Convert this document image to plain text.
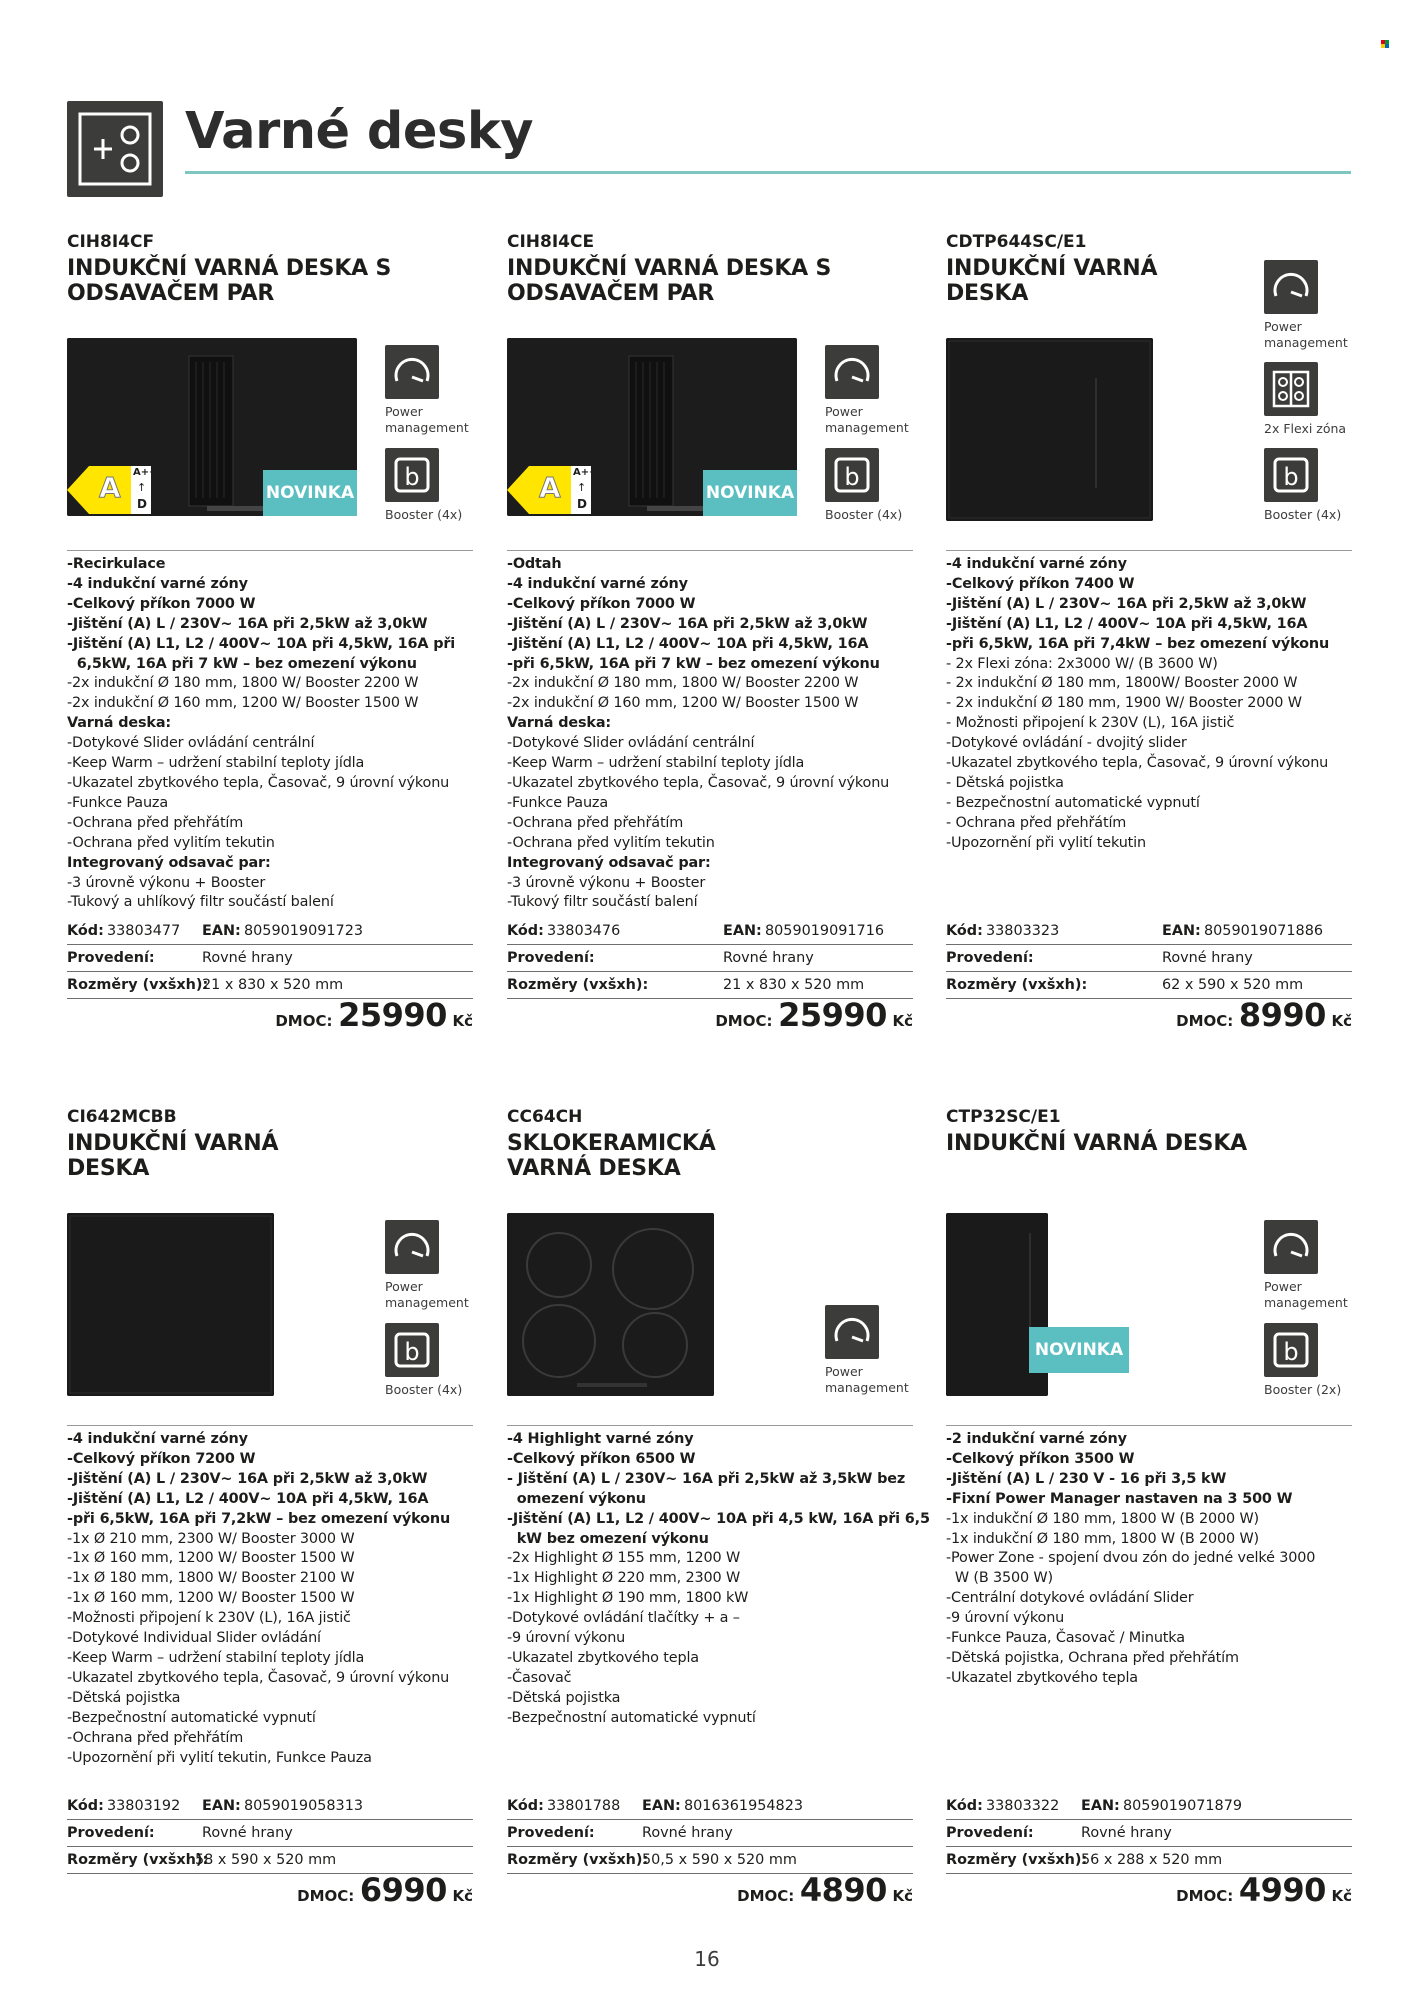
Varné desky
CIH8I4CF
INDUKČNÍ VARNÁ DESKA S ODSAVAČEM PAR
NOVINKA
A A+++
↑
D
Power management
b
Booster (4x)
-Recirkulace
-4 indukční varné zóny
-Celkový příkon 7000 W
-Jištění (A) L / 230V~ 16A při 2,5kW až 3,0kW
-Jištění (A) L1, L2 / 400V~ 10A při 4,5kW, 16A při
6,5kW, 16A při 7 kW – bez omezení výkonu
-2x indukční Ø 180 mm, 1800 W/ Booster 2200 W
-2x indukční Ø 160 mm, 1200 W/ Booster 1500 W
Varná deska:
-Dotykové Slider ovládání centrální
-Keep Warm – udržení stabilní teploty jídla
-Ukazatel zbytkového tepla, Časovač, 9 úrovní výkonu
-Funkce Pauza
-Ochrana před přehřátím
-Ochrana před vylitím tekutin
Integrovaný odsavač par:
-3 úrovně výkonu + Booster
-Tukový a uhlíkový filtr součástí balení
Kód: 33803477 EAN: 8059019091723
Provedení:	Rovné hrany
Rozměry (vxšxh):
21 x 830 x 520 mm
DMOC: 25990 Kč
CIH8I4CE
INDUKČNÍ VARNÁ DESKA S ODSAVAČEM PAR
NOVINKA
A A+++
↑
D
Power management
b
Booster (4x)
-Odtah
-4 indukční varné zóny
-Celkový příkon 7000 W
-Jištění (A) L / 230V~ 16A při 2,5kW až 3,0kW
-Jištění (A) L1, L2 / 400V~ 10A při 4,5kW, 16A
-při 6,5kW, 16A při 7 kW – bez omezení výkonu
-2x indukční Ø 180 mm, 1800 W/ Booster 2200 W
-2x indukční Ø 160 mm, 1200 W/ Booster 1500 W
Varná deska:
-Dotykové Slider ovládání centrální
-Keep Warm – udržení stabilní teploty jídla
-Ukazatel zbytkového tepla, Časovač, 9 úrovní výkonu
-Funkce Pauza
-Ochrana před přehřátím
-Ochrana před vylitím tekutin
Integrovaný odsavač par:
-3 úrovně výkonu + Booster
-Tukový filtr součástí balení
Kód: 33803476	EAN: 8059019091716
Provedení:	Rovné hrany
Rozměry (vxšxh):	21 x 830 x 520 mm
DMOC: 25990 Kč
CDTP644SC/E1
INDUKČNÍ VARNÁ DESKA
Power management
2x Flexi zóna
b
Booster (4x)
-4 indukční varné zóny
-Celkový příkon 7400 W
-Jištění (A) L / 230V~ 16A při 2,5kW až 3,0kW
-Jištění (A) L1, L2 / 400V~ 10A při 4,5kW, 16A
-při 6,5kW, 16A při 7,4kW – bez omezení výkonu
- 2x Flexi zóna: 2x3000 W/ (B 3600 W)
- 2x indukční Ø 180 mm, 1800W/ Booster 2000 W
- 2x indukční Ø 180 mm, 1900 W/ Booster 2000 W
- Možnosti připojení k 230V (L), 16A jistič
-Dotykové ovládání - dvojitý slider
-Ukazatel zbytkového tepla, Časovač, 9 úrovní výkonu
- Dětská pojistka
- Bezpečnostní automatické vypnutí
- Ochrana před přehřátím
-Upozornění při vylití tekutin
Kód: 33803323	EAN: 8059019071886
Provedení:	Rovné hrany
Rozměry (vxšxh):	62 x 590 x 520 mm
DMOC: 8990 Kč
CI642MCBB
INDUKČNÍ VARNÁ DESKA
Power management
b
Booster (4x)
-4 indukční varné zóny
-Celkový příkon 7200 W
-Jištění (A) L / 230V~ 16A při 2,5kW až 3,0kW
-Jištění (A) L1, L2 / 400V~ 10A při 4,5kW, 16A
-při 6,5kW, 16A při 7,2kW – bez omezení výkonu
-1x Ø 210 mm, 2300 W/ Booster 3000 W
-1x Ø 160 mm, 1200 W/ Booster 1500 W
-1x Ø 180 mm, 1800 W/ Booster 2100 W
-1x Ø 160 mm, 1200 W/ Booster 1500 W
-Možnosti připojení k 230V (L), 16A jistič
-Dotykové Individual Slider ovládání
-Keep Warm – udržení stabilní teploty jídla
-Ukazatel zbytkového tepla, Časovač, 9 úrovní výkonu
-Dětská pojistka
-Bezpečnostní automatické vypnutí
-Ochrana před přehřátím
-Upozornění při vylití tekutin, Funkce Pauza
Kód: 33803192 EAN: 8059019058313
Provedení:	Rovné hrany
Rozměry (vxšxh):
58 x 590 x 520 mm
DMOC: 6990 Kč
CC64CH
SKLOKERAMICKÁ VARNÁ DESKA
Power management
-4 Highlight varné zóny
-Celkový příkon 6500 W
- Jištění (A) L / 230V~ 16A při 2,5kW až 3,5kW bez
omezení výkonu
-Jištění (A) L1, L2 / 400V~ 10A při 4,5 kW, 16A při 6,5
kW bez omezení výkonu
-2x Highlight Ø 155 mm, 1200 W
-1x Highlight Ø 220 mm, 2300 W
-1x Highlight Ø 190 mm, 1800 kW
-Dotykové ovládání tlačítky + a –
-9 úrovní výkonu
-Ukazatel zbytkového tepla
-Časovač
-Dětská pojistka
-Bezpečnostní automatické vypnutí
Kód: 33801788 EAN: 8016361954823
Provedení:	Rovné hrany
Rozměry (vxšxh):
50,5 x 590 x 520 mm
DMOC: 4890 Kč
CTP32SC/E1
INDUKČNÍ VARNÁ DESKA
NOVINKA
Power management
b
Booster (2x)
-2 indukční varné zóny
-Celkový příkon 3500 W
-Jištění (A) L / 230 V - 16 při 3,5 kW
-Fixní Power Manager nastaven na 3 500 W
-1x indukční Ø 180 mm, 1800 W (B 2000 W)
-1x indukční Ø 180 mm, 1800 W (B 2000 W)
-Power Zone - spojení dvou zón do jedné velké 3000
W (B 3500 W)
-Centrální dotykové ovládání Slider
-9 úrovní výkonu
-Funkce Pauza, Časovač / Minutka
-Dětská pojistka, Ochrana před přehřátím
-Ukazatel zbytkového tepla
Kód: 33803322 EAN: 8059019071879
Provedení:	Rovné hrany
Rozměry (vxšxh):
56 x 288 x 520 mm
DMOC: 4990 Kč
16
